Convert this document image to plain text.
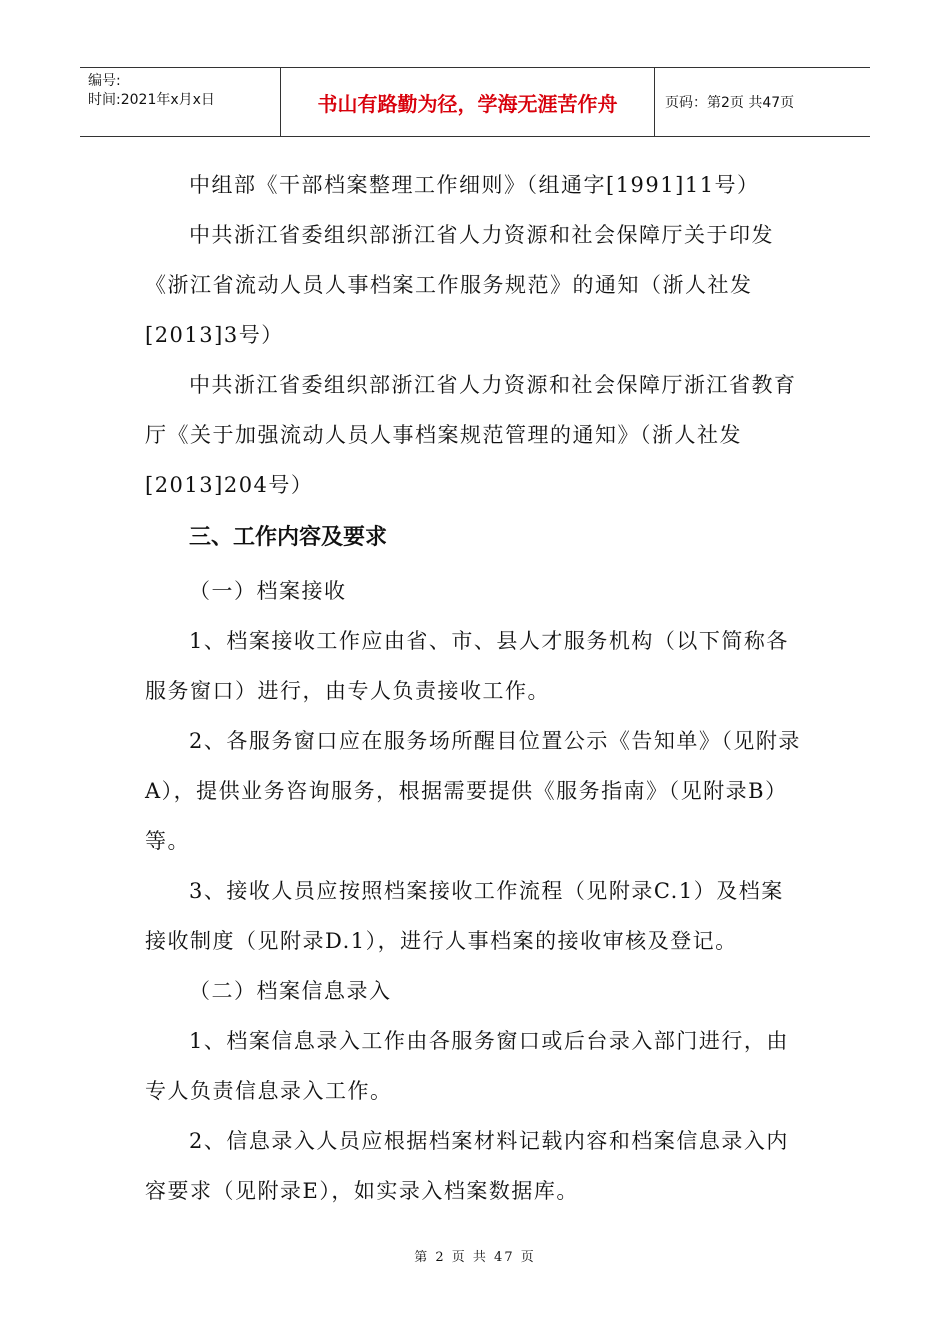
编号:
时间:2021年x月x日	书山有路勤为径，学海无涯苦作舟	页码：第2页 共47页

中组部《干部档案整理工作细则》（组通字[1991]11号）

中共浙江省委组织部浙江省人力资源和社会保障厅关于印发《浙江省流动人员人事档案工作服务规范》的通知（浙人社发[2013]3号）

中共浙江省委组织部浙江省人力资源和社会保障厅浙江省教育厅《关于加强流动人员人事档案规范管理的通知》（浙人社发[2013]204号）

三、工作内容及要求

（一）档案接收

1、档案接收工作应由省、市、县人才服务机构（以下简称各服务窗口）进行，由专人负责接收工作。

2、各服务窗口应在服务场所醒目位置公示《告知单》（见附录A），提供业务咨询服务，根据需要提供《服务指南》（见附录B）等。

3、接收人员应按照档案接收工作流程（见附录C.1）及档案接收制度（见附录D.1），进行人事档案的接收审核及登记。

（二）档案信息录入

1、档案信息录入工作由各服务窗口或后台录入部门进行，由专人负责信息录入工作。

2、信息录入人员应根据档案材料记载内容和档案信息录入内容要求（见附录E），如实录入档案数据库。

第 2 页 共 47 页
